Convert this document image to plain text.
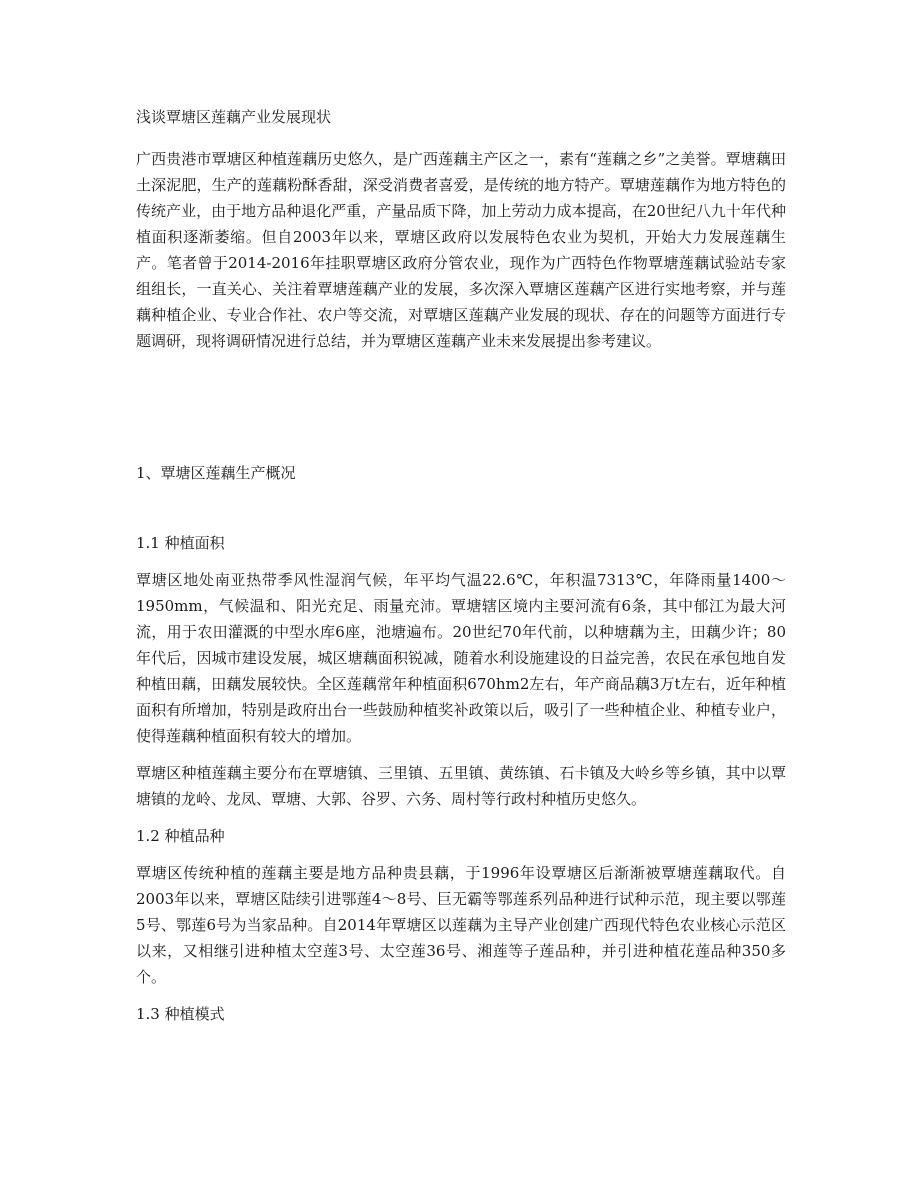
浅谈覃塘区莲藕产业发展现状

广西贵港市覃塘区种植莲藕历史悠久，是广西莲藕主产区之一，素有“莲藕之乡”之美誉。覃塘藕田土深泥肥，生产的莲藕粉酥香甜，深受消费者喜爱，是传统的地方特产。覃塘莲藕作为地方特色的传统产业，由于地方品种退化严重，产量品质下降，加上劳动力成本提高，在20世纪八九十年代种植面积逐渐萎缩。但自2003年以来，覃塘区政府以发展特色农业为契机，开始大力发展莲藕生产。笔者曾于2014-2016年挂职覃塘区政府分管农业，现作为广西特色作物覃塘莲藕试验站专家组组长，一直关心、关注着覃塘莲藕产业的发展，多次深入覃塘区莲藕产区进行实地考察，并与莲藕种植企业、专业合作社、农户等交流，对覃塘区莲藕产业发展的现状、存在的问题等方面进行专题调研，现将调研情况进行总结，并为覃塘区莲藕产业未来发展提出参考建议。

1、覃塘区莲藕生产概况
1.1 种植面积

覃塘区地处南亚热带季风性湿润气候，年平均气温22.6℃，年积温7313℃，年降雨量1400～1950mm，气候温和、阳光充足、雨量充沛。覃塘辖区境内主要河流有6条，其中郁江为最大河流，用于农田灌溉的中型水库6座，池塘遍布。20世纪70年代前，以种塘藕为主，田藕少许；80年代后，因城市建设发展，城区塘藕面积锐减，随着水利设施建设的日益完善，农民在承包地自发种植田藕，田藕发展较快。全区莲藕常年种植面积670hm2左右，年产商品藕3万t左右，近年种植面积有所增加，特别是政府出台一些鼓励种植奖补政策以后，吸引了一些种植企业、种植专业户，使得莲藕种植面积有较大的增加。

覃塘区种植莲藕主要分布在覃塘镇、三里镇、五里镇、黄练镇、石卡镇及大岭乡等乡镇，其中以覃塘镇的龙岭、龙凤、覃塘、大郭、谷罗、六务、周村等行政村种植历史悠久。

1.2 种植品种

覃塘区传统种植的莲藕主要是地方品种贵县藕，于1996年设覃塘区后渐渐被覃塘莲藕取代。自2003年以来，覃塘区陆续引进鄂莲4～8号、巨无霸等鄂莲系列品种进行试种示范，现主要以鄂莲5号、鄂莲6号为当家品种。自2014年覃塘区以莲藕为主导产业创建广西现代特色农业核心示范区以来，又相继引进种植太空莲3号、太空莲36号、湘莲等子莲品种，并引进种植花莲品种350多个。

1.3 种植模式
